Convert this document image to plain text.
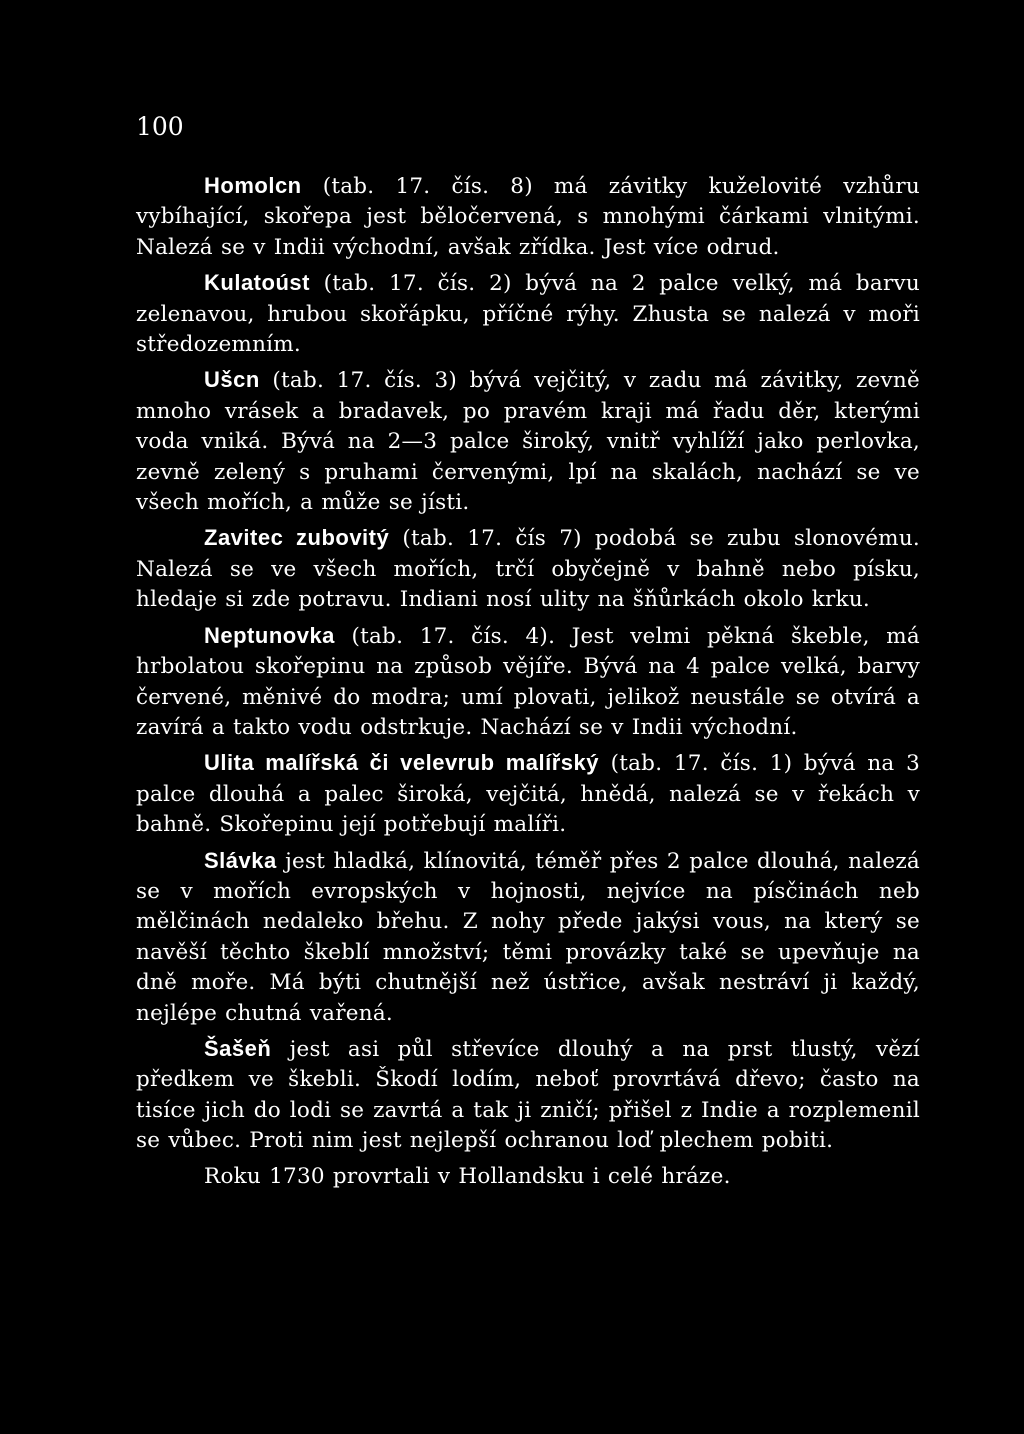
100

Homolcn (tab. 17. čís. 8) má závitky kuželovité vzhůru vybíhající, skořepa jest běločervená, s mnohými čárkami vlnitými. Nalezá se v Indii východní, avšak zřídka. Jest více odrud.

Kulatoúst (tab. 17. čís. 2) bývá na 2 palce velký, má barvu zelenavou, hrubou skořápku, příčné rýhy. Zhusta se nalezá v moři středozemním.

Ušcn (tab. 17. čís. 3) bývá vejčitý, v zadu má závitky, zevně mnoho vrásek a bradavek, po pravém kraji má řadu děr, kterými voda vniká. Bývá na 2—3 palce široký, vnitř vyhlíží jako perlovka, zevně zelený s pruhami červenými, lpí na skalách, nachází se ve všech mořích, a může se jísti.

Zavitec zubovitý (tab. 17. čís 7) podobá se zubu slonovému. Nalezá se ve všech mořích, trčí obyčejně v bahně nebo písku, hledaje si zde potravu. Indiani nosí ulity na šňůrkách okolo krku.

Neptunovka (tab. 17. čís. 4). Jest velmi pěkná škeble, má hrbolatou skořepinu na způsob vějíře. Bývá na 4 palce velká, barvy červené, měnivé do modra; umí plovati, jelikož neustále se otvírá a zavírá a takto vodu odstrkuje. Nachází se v Indii východní.

Ulita malířská či velevrub malířský (tab. 17. čís. 1) bývá na 3 palce dlouhá a palec široká, vejčitá, hnědá, nalezá se v řekách v bahně. Skořepinu její potřebují malíři.

Slávka jest hladká, klínovitá, téměř přes 2 palce dlouhá, nalezá se v mořích evropských v hojnosti, nejvíce na písčinách neb mělčinách nedaleko břehu. Z nohy přede jakýsi vous, na který se navěší těchto škeblí množství; těmi provázky také se upevňuje na dně moře. Má býti chutnější než ústřice, avšak nestráví ji každý, nejlépe chutná vařená.

Šašeň jest asi půl střevíce dlouhý a na prst tlustý, vězí předkem ve škebli. Škodí lodím, neboť provrtává dřevo; často na tisíce jich do lodi se zavrtá a tak ji zničí; přišel z Indie a rozplemenil se vůbec. Proti nim jest nejlepší ochranou loď plechem pobiti.

Roku 1730 provrtali v Hollandsku i celé hráze.
